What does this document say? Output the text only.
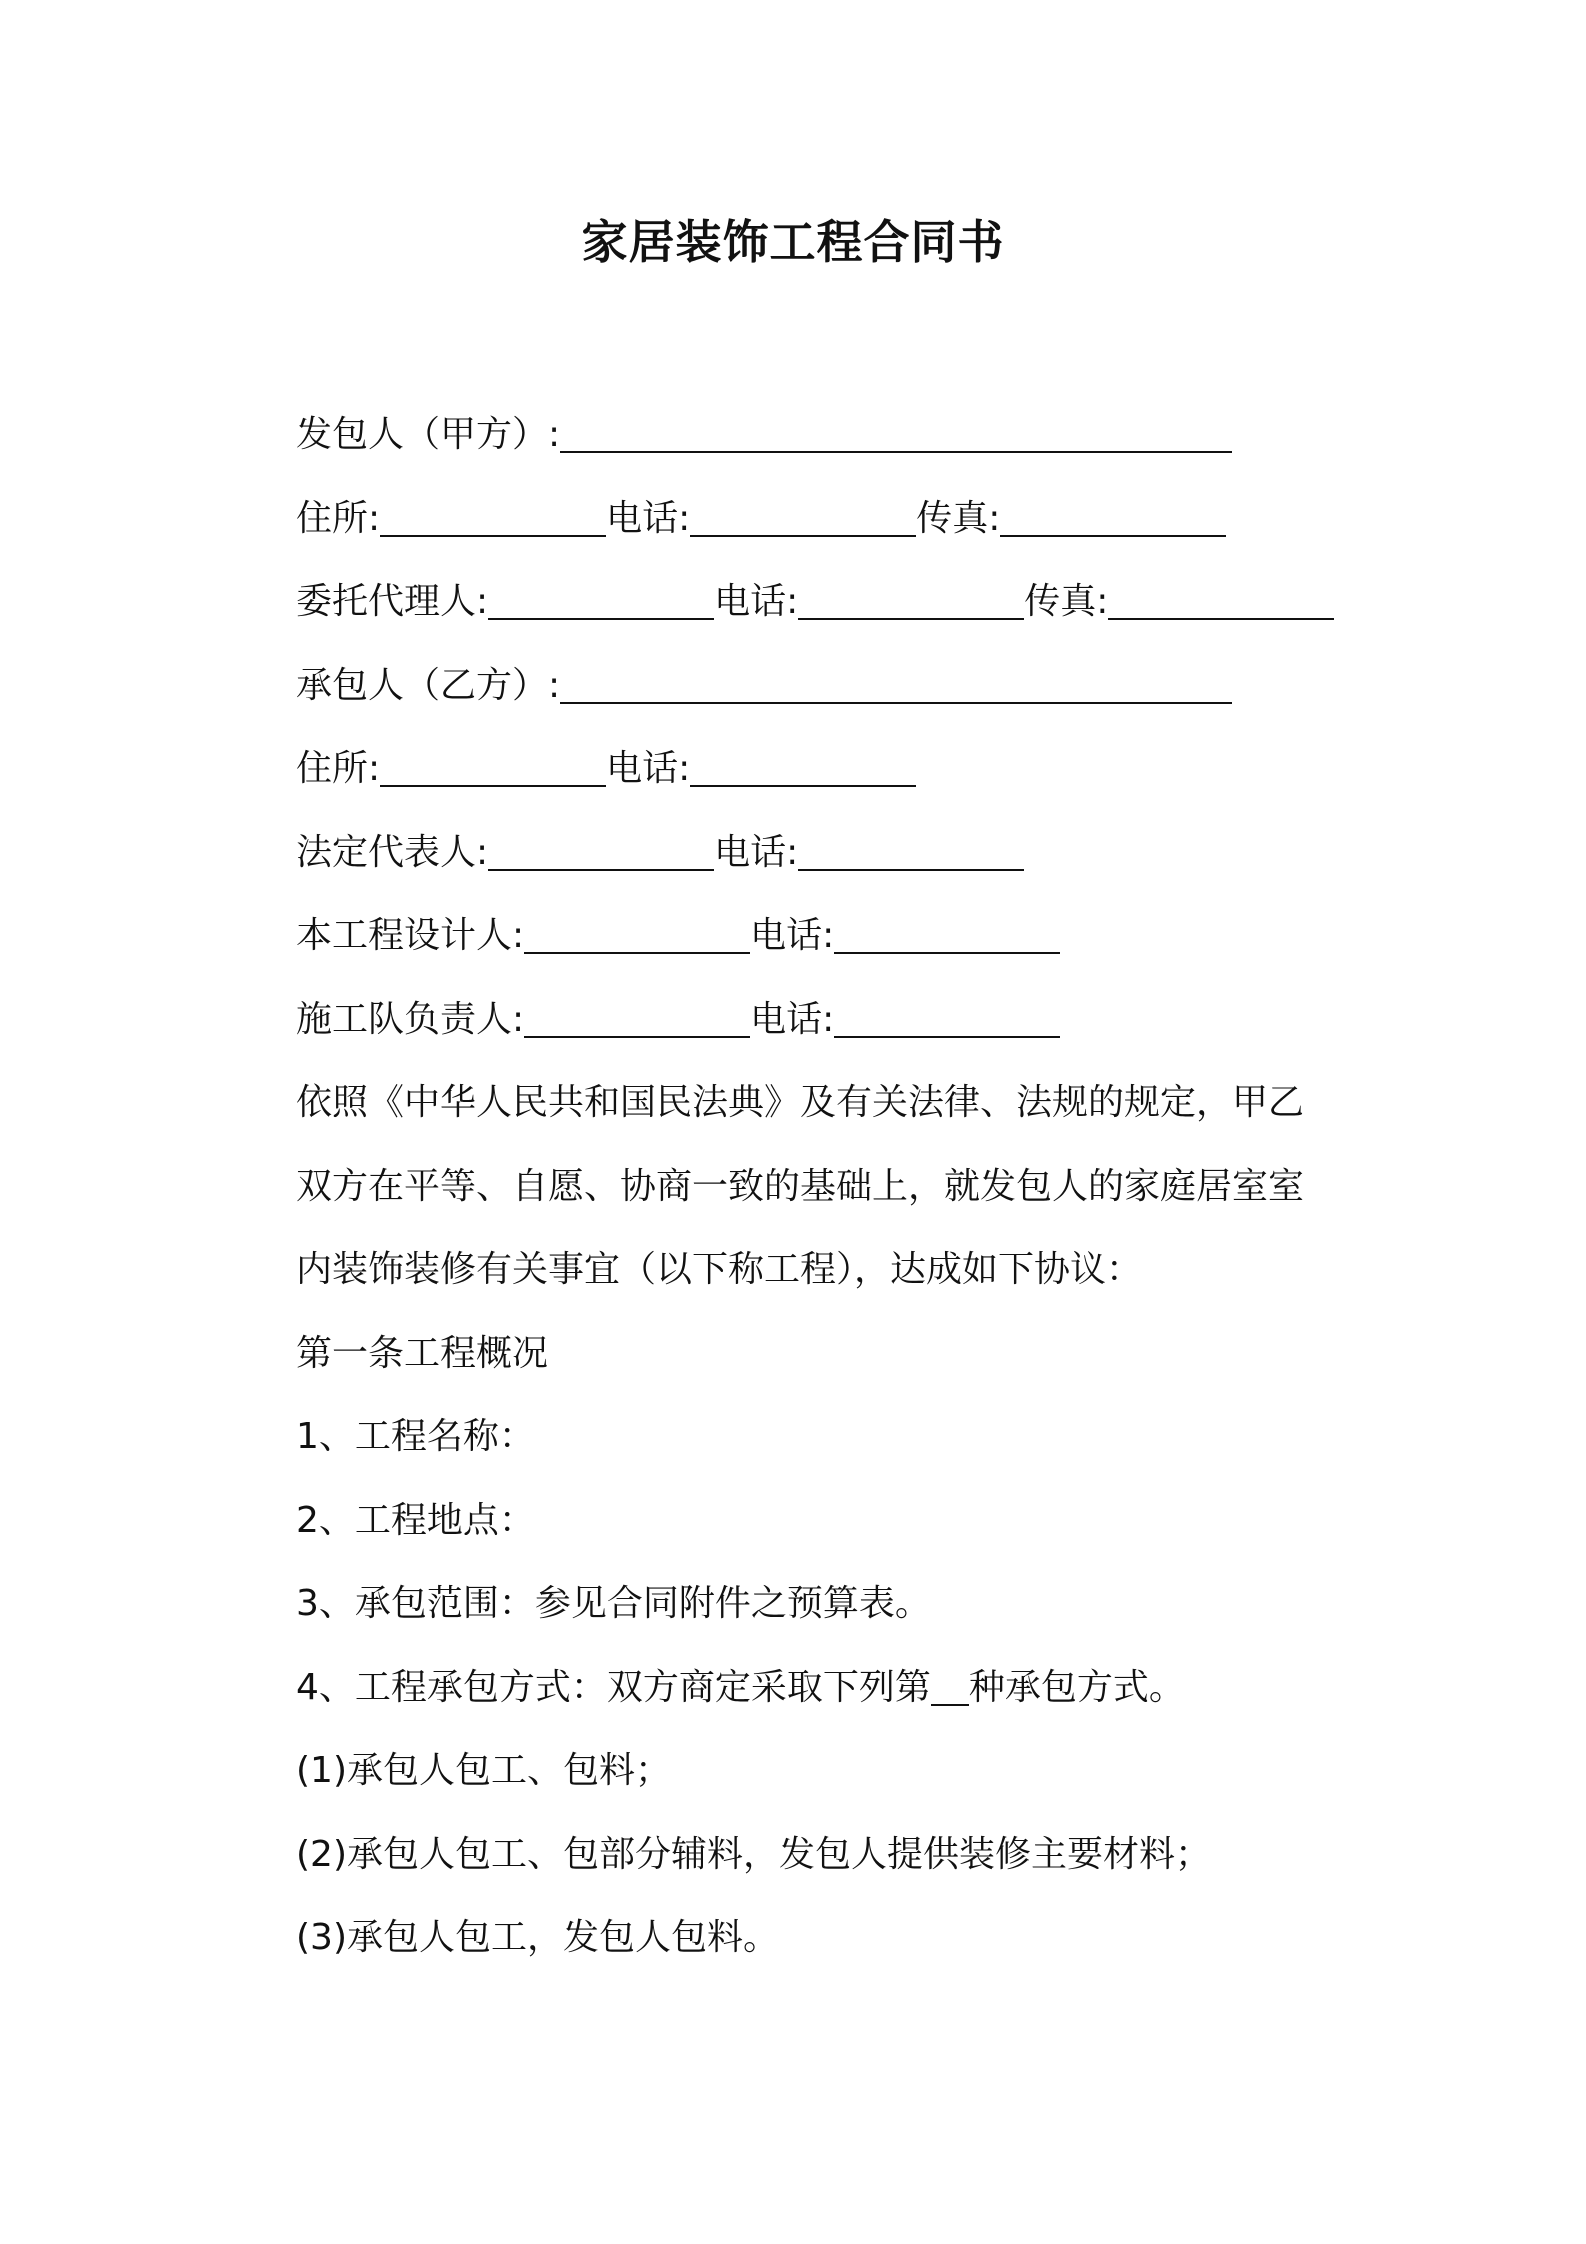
家居装饰工程合同书
发包人（甲方）:
住所:	电话:	传真:
委托代理人:	电话:	传真:
承包人（乙方）:
住所:	电话:
法定代表人:	电话:
本工程设计人:	电话:
施工队负责人:	电话:
依照《中华人民共和国民法典》及有关法律、法规的规定，甲乙
双方在平等、自愿、协商一致的基础上，就发包人的家庭居室室
内装饰装修有关事宜（以下称工程），达成如下协议：
第一条工程概况
1、工程名称：
2、工程地点：
3、承包范围：参见合同附件之预算表。
4、工程承包方式：双方商定采取下列第 种承包方式。
(1)承包人包工、包料；
(2)承包人包工、包部分辅料，发包人提供装修主要材料；
(3)承包人包工，发包人包料。
